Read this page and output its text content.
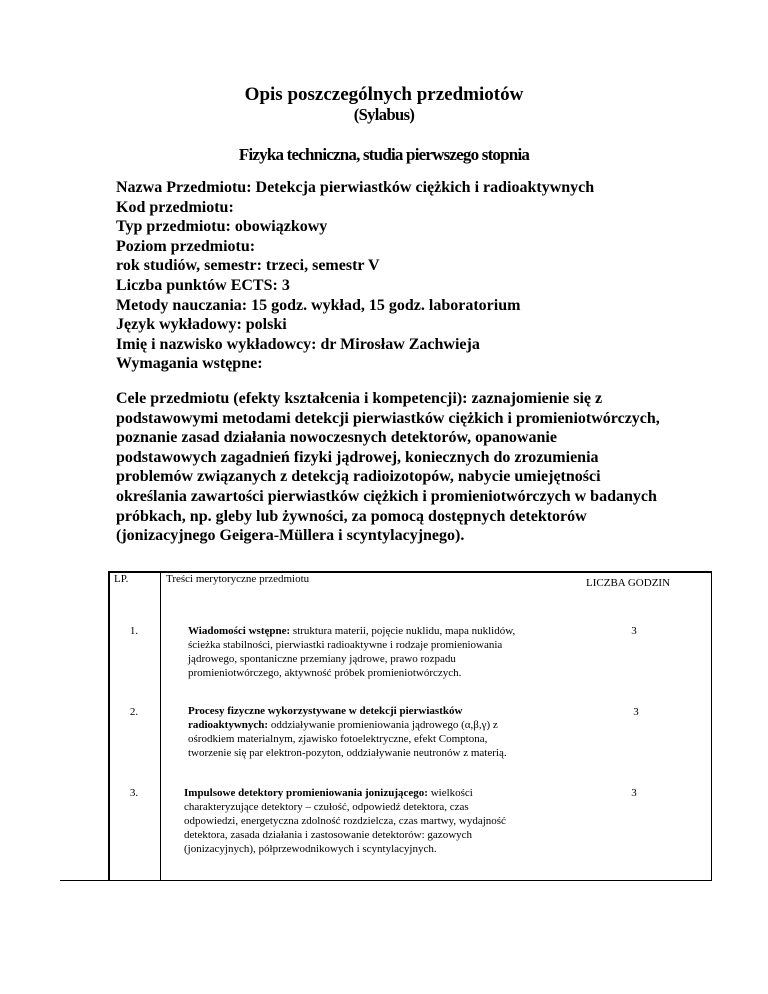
Opis poszczególnych przedmiotów
(Sylabus)
Fizyka techniczna, studia pierwszego stopnia
Nazwa Przedmiotu: Detekcja pierwiastków ciężkich i radioaktywnych
Kod przedmiotu:
Typ przedmiotu: obowiązkowy
Poziom przedmiotu:
rok studiów, semestr: trzeci, semestr V
Liczba punktów ECTS: 3
Metody nauczania: 15 godz. wykład, 15 godz. laboratorium
Język wykładowy: polski
Imię i nazwisko wykładowcy: dr Mirosław Zachwieja
Wymagania wstępne:
Cele przedmiotu (efekty kształcenia i kompetencji): zaznajomienie się z
podstawowymi metodami detekcji pierwiastków ciężkich i promieniotwórczych,
poznanie zasad działania nowoczesnych detektorów, opanowanie
podstawowych zagadnień fizyki jądrowej, koniecznych do zrozumienia
problemów związanych z detekcją radioizotopów, nabycie umiejętności
określania zawartości pierwiastków ciężkich i promieniotwórczych w badanych
próbkach, np. gleby lub żywności, za pomocą dostępnych detektorów
(jonizacyjnego Geigera-Müllera i scyntylacyjnego).
LP.	Treści merytoryczne przedmiotu	LICZBA GODZIN
1.	Wiadomości wstępne: struktura materii, pojęcie nuklidu, mapa nuklidów,
ścieżka stabilności, pierwiastki radioaktywne i rodzaje promieniowania
jądrowego, spontaniczne przemiany jądrowe, prawo rozpadu
promieniotwórczego, aktywność próbek promieniotwórczych.
3
2.	Procesy fizyczne wykorzystywane w detekcji pierwiastków
radioaktywnych: oddziaływanie promieniowania jądrowego (α,β,γ) z
ośrodkiem materialnym, zjawisko fotoelektryczne, efekt Comptona,
tworzenie się par elektron-pozyton, oddziaływanie neutronów z materią.
3
3.	Impulsowe detektory promieniowania jonizującego: wielkości
charakteryzujące detektory – czułość, odpowiedź detektora, czas
odpowiedzi, energetyczna zdolność rozdzielcza, czas martwy, wydajność
detektora, zasada działania i zastosowanie detektorów: gazowych
(jonizacyjnych), półprzewodnikowych i scyntylacyjnych.
3
